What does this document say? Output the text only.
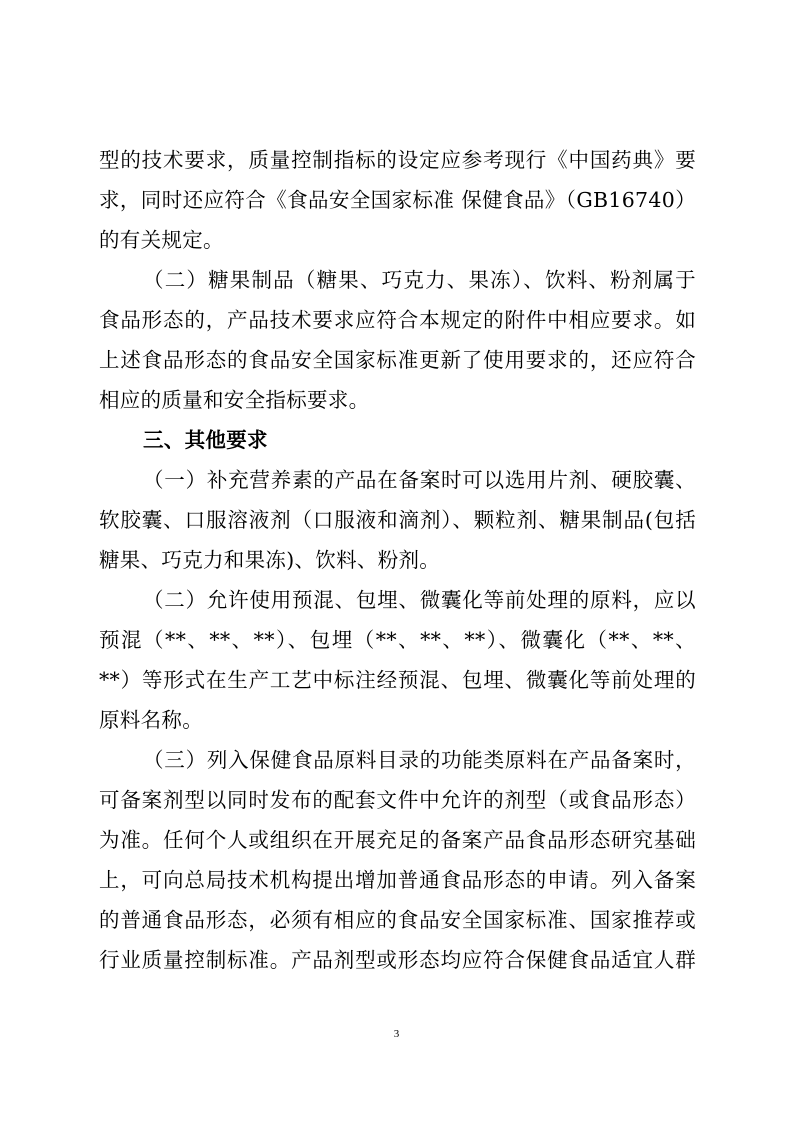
型的技术要求，质量控制指标的设定应参考现行《中国药典》要
求，同时还应符合《食品安全国家标准 保健食品》（GB16740）
的有关规定。
（二）糖果制品（糖果、巧克力、果冻）、饮料、粉剂属于
食品形态的，产品技术要求应符合本规定的附件中相应要求。如
上述食品形态的食品安全国家标准更新了使用要求的，还应符合
相应的质量和安全指标要求。
三、其他要求
（一）补充营养素的产品在备案时可以选用片剂、硬胶囊、
软胶囊、口服溶液剂（口服液和滴剂）、颗粒剂、糖果制品(包括
糖果、巧克力和果冻)、饮料、粉剂。
（二）允许使用预混、包埋、微囊化等前处理的原料，应以
预混（**、**、**）、包埋（**、**、**）、微囊化（**、**、
**）等形式在生产工艺中标注经预混、包埋、微囊化等前处理的
原料名称。
（三）列入保健食品原料目录的功能类原料在产品备案时，
可备案剂型以同时发布的配套文件中允许的剂型（或食品形态）
为准。任何个人或组织在开展充足的备案产品食品形态研究基础
上，可向总局技术机构提出增加普通食品形态的申请。列入备案
的普通食品形态，必须有相应的食品安全国家标准、国家推荐或
行业质量控制标准。产品剂型或形态均应符合保健食品适宜人群
3
